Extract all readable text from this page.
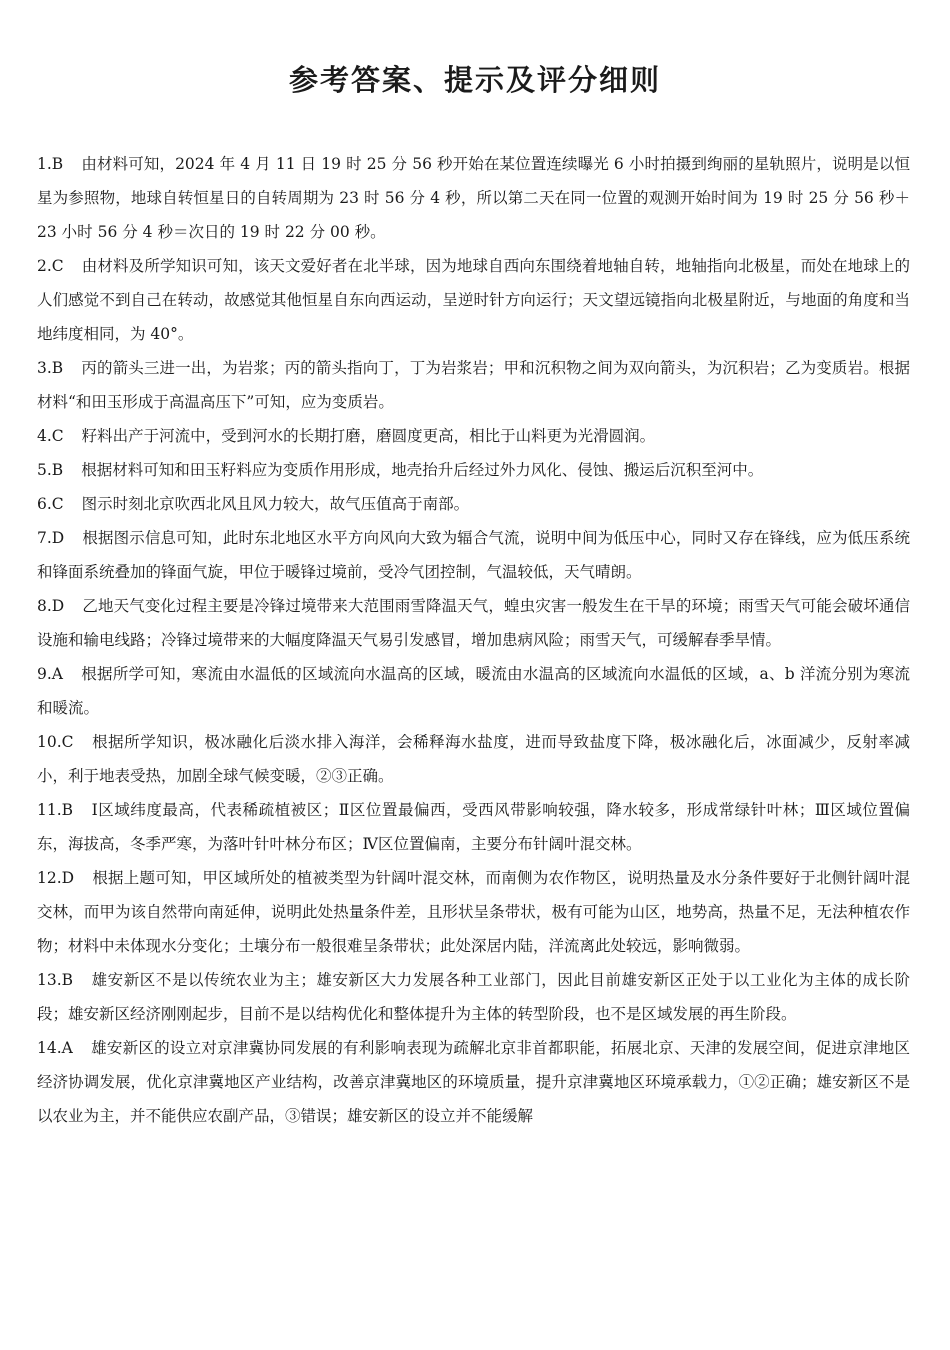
参考答案、提示及评分细则

1.B 由材料可知，2024 年 4 月 11 日 19 时 25 分 56 秒开始在某位置连续曝光 6 小时拍摄到绚丽的星轨照片，说明是以恒星为参照物，地球自转恒星日的自转周期为 23 时 56 分 4 秒，所以第二天在同一位置的观测开始时间为 19 时 25 分 56 秒＋23 小时 56 分 4 秒＝次日的 19 时 22 分 00 秒。

2.C 由材料及所学知识可知，该天文爱好者在北半球，因为地球自西向东围绕着地轴自转，地轴指向北极星，而处在地球上的人们感觉不到自己在转动，故感觉其他恒星自东向西运动，呈逆时针方向运行；天文望远镜指向北极星附近，与地面的角度和当地纬度相同，为 40°。

3.B 丙的箭头三进一出，为岩浆；丙的箭头指向丁，丁为岩浆岩；甲和沉积物之间为双向箭头，为沉积岩；乙为变质岩。根据材料“和田玉形成于高温高压下”可知，应为变质岩。

4.C 籽料出产于河流中，受到河水的长期打磨，磨圆度更高，相比于山料更为光滑圆润。

5.B 根据材料可知和田玉籽料应为变质作用形成，地壳抬升后经过外力风化、侵蚀、搬运后沉积至河中。

6.C 图示时刻北京吹西北风且风力较大，故气压值高于南部。

7.D 根据图示信息可知，此时东北地区水平方向风向大致为辐合气流，说明中间为低压中心，同时又存在锋线，应为低压系统和锋面系统叠加的锋面气旋，甲位于暖锋过境前，受冷气团控制，气温较低，天气晴朗。

8.D 乙地天气变化过程主要是冷锋过境带来大范围雨雪降温天气，蝗虫灾害一般发生在干旱的环境；雨雪天气可能会破坏通信设施和输电线路；冷锋过境带来的大幅度降温天气易引发感冒，增加患病风险；雨雪天气，可缓解春季旱情。

9.A 根据所学可知，寒流由水温低的区域流向水温高的区域，暖流由水温高的区域流向水温低的区域，a、b 洋流分别为寒流和暖流。

10.C 根据所学知识，极冰融化后淡水排入海洋，会稀释海水盐度，进而导致盐度下降，极冰融化后，冰面减少，反射率减小，利于地表受热，加剧全球气候变暖，②③正确。

11.B Ⅰ区域纬度最高，代表稀疏植被区；Ⅱ区位置最偏西，受西风带影响较强，降水较多，形成常绿针叶林；Ⅲ区域位置偏东，海拔高，冬季严寒，为落叶针叶林分布区；Ⅳ区位置偏南，主要分布针阔叶混交林。

12.D 根据上题可知，甲区域所处的植被类型为针阔叶混交林，而南侧为农作物区，说明热量及水分条件要好于北侧针阔叶混交林，而甲为该自然带向南延伸，说明此处热量条件差，且形状呈条带状，极有可能为山区，地势高，热量不足，无法种植农作物；材料中未体现水分变化；土壤分布一般很难呈条带状；此处深居内陆，洋流离此处较远，影响微弱。

13.B 雄安新区不是以传统农业为主；雄安新区大力发展各种工业部门，因此目前雄安新区正处于以工业化为主体的成长阶段；雄安新区经济刚刚起步，目前不是以结构优化和整体提升为主体的转型阶段，也不是区域发展的再生阶段。

14.A 雄安新区的设立对京津冀协同发展的有利影响表现为疏解北京非首都职能，拓展北京、天津的发展空间，促进京津地区经济协调发展，优化京津冀地区产业结构，改善京津冀地区的环境质量，提升京津冀地区环境承载力，①②正确；雄安新区不是以农业为主，并不能供应农副产品，③错误；雄安新区的设立并不能缓解
